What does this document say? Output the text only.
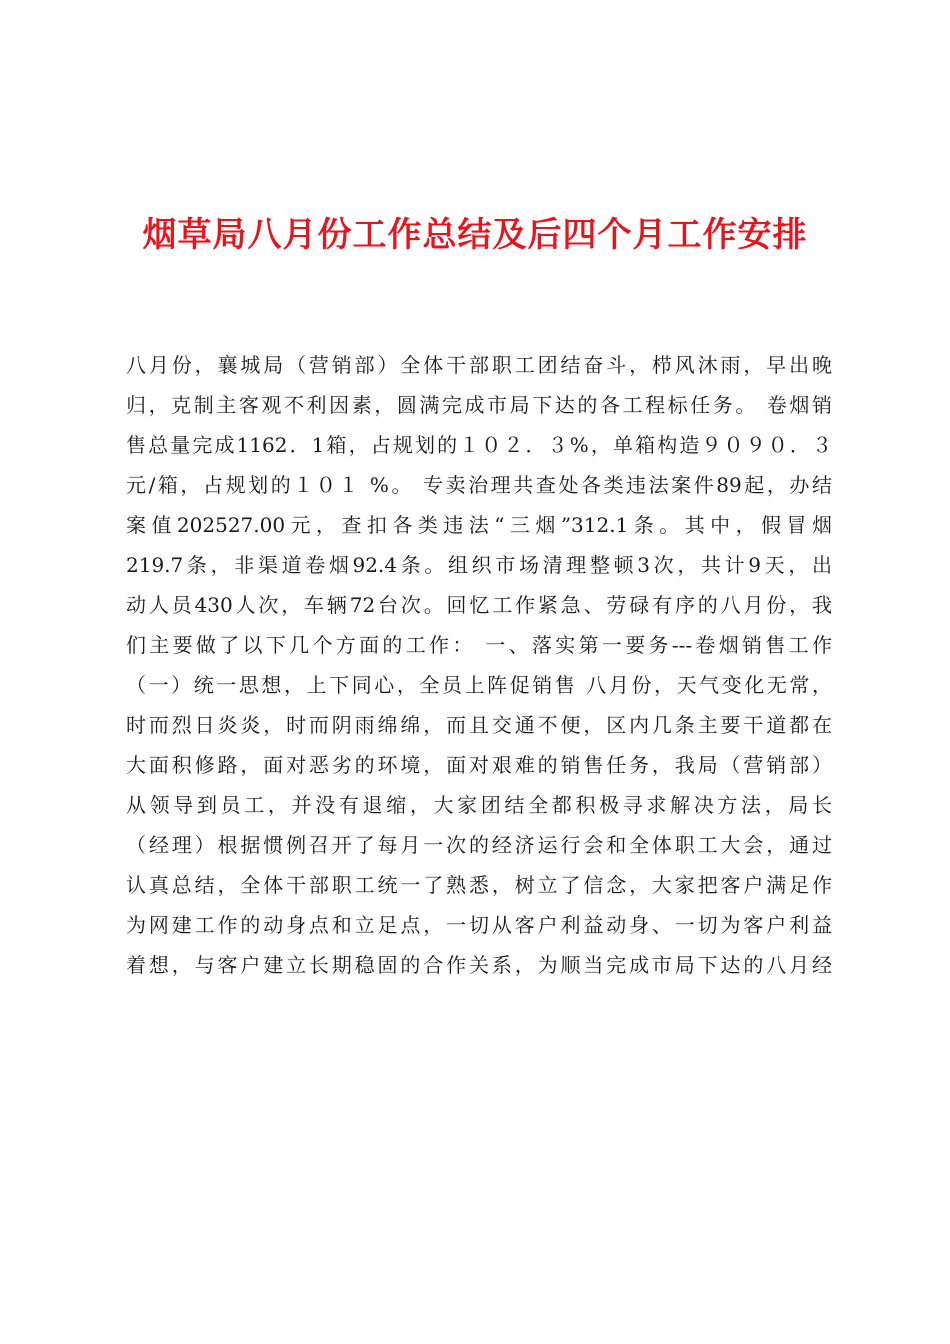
烟草局八月份工作总结及后四个月工作安排
八月份，襄城局（营销部）全体干部职工团结奋斗，栉风沐雨，早出晚
归，克制主客观不利因素，圆满完成市局下达的各工程标任务。 卷烟销
售总量完成1162．1箱，占规划的１０２．３%，单箱构造９０９０．３
元/箱，占规划的１０１ %。 专卖治理共查处各类违法案件89起，办结
案值202527.00元，查扣各类违法“三烟”312.1条。其中，假冒烟
219.7条，非渠道卷烟92.4条。组织市场清理整顿3次，共计9天，出
动人员430人次，车辆72台次。回忆工作紧急、劳碌有序的八月份，我
们主要做了以下几个方面的工作： 一、落实第一要务---卷烟销售工作
（一）统一思想，上下同心，全员上阵促销售 八月份，天气变化无常，
时而烈日炎炎，时而阴雨绵绵，而且交通不便，区内几条主要干道都在
大面积修路，面对恶劣的环境，面对艰难的销售任务，我局（营销部）
从领导到员工，并没有退缩，大家团结全都积极寻求解决方法，局长
（经理）根据惯例召开了每月一次的经济运行会和全体职工大会，通过
认真总结，全体干部职工统一了熟悉，树立了信念，大家把客户满足作
为网建工作的动身点和立足点，一切从客户利益动身、一切为客户利益
着想，与客户建立长期稳固的合作关系，为顺当完成市局下达的八月经
